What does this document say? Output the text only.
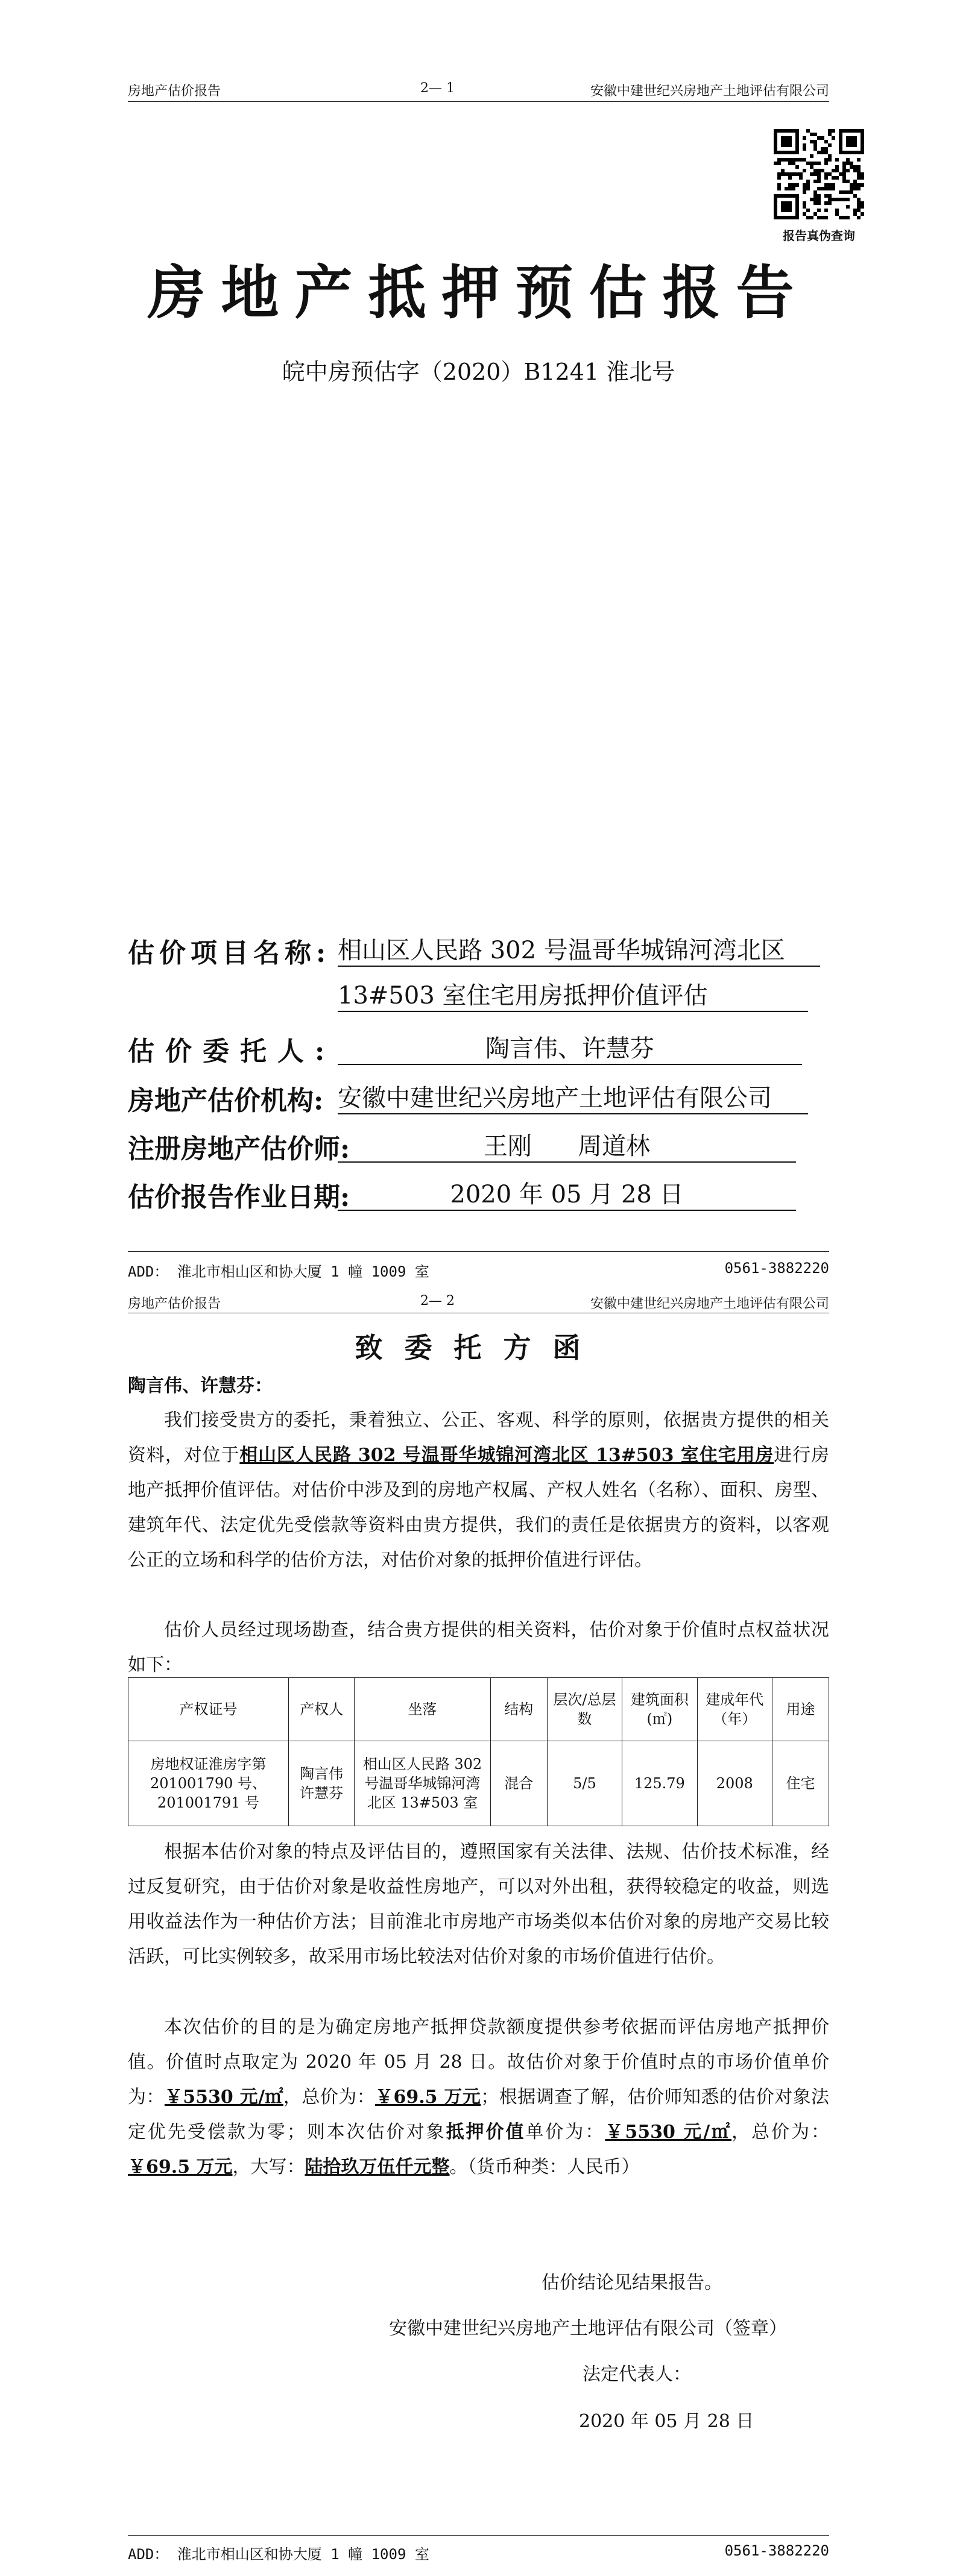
房地产估价报告	2— 1	安徽中建世纪兴房地产土地评估有限公司
报告真伪查询
房地产抵押预估报告
皖中房预估字（2020）B1241 淮北号
估价项目名称: 相山区人民路 302 号温哥华城锦河湾北区
13#503 室住宅用房抵押价值评估
估价委托人:	陶言伟、许慧芬
房地产估价机构: 安徽中建世纪兴房地产土地评估有限公司
注册房地产估价师:	王刚      周道林
估价报告作业日期:	2020 年 05 月 28 日
ADD： 淮北市相山区和协大厦 1 幢 1009 室	0561-3882220
房地产估价报告	2— 2	安徽中建世纪兴房地产土地评估有限公司
致委托方函
陶言伟、许慧芬：
我们接受贵方的委托，秉着独立、公正、客观、科学的原则，依据贵方提供的相关资料，对位于相山区人民路 302 号温哥华城锦河湾北区 13#503 室住宅用房进行房地产抵押价值评估。对估价中涉及到的房地产权属、产权人姓名（名称）、面积、房型、建筑年代、法定优先受偿款等资料由贵方提供，我们的责任是依据贵方的资料，以客观公正的立场和科学的估价方法，对估价对象的抵押价值进行评估。
估价人员经过现场勘查，结合贵方提供的相关资料，估价对象于价值时点权益状况如下：
产权证号	产权人	坐落	结构	层次/总层数	建筑面积(㎡)	建成年代（年）	用途
房地权证淮房字第 201001790 号、201001791 号	陶言伟 许慧芬	相山区人民路 302 号温哥华城锦河湾北区 13#503 室	混合	5/5	125.79	2008	住宅
根据本估价对象的特点及评估目的，遵照国家有关法律、法规、估价技术标准，经过反复研究，由于估价对象是收益性房地产，可以对外出租，获得较稳定的收益，则选用收益法作为一种估价方法；目前淮北市房地产市场类似本估价对象的房地产交易比较活跃，可比实例较多，故采用市场比较法对估价对象的市场价值进行估价。
本次估价的目的是为确定房地产抵押贷款额度提供参考依据而评估房地产抵押价值。价值时点取定为 2020 年 05 月 28 日。故估价对象于价值时点的市场价值单价为：￥5530 元/㎡，总价为：￥69.5 万元；根据调查了解，估价师知悉的估价对象法定优先受偿款为零；则本次估价对象抵押价值单价为：￥5530 元/㎡，总价为：￥69.5 万元，大写：陆拾玖万伍仟元整。（货币种类：人民币）
估价结论见结果报告。
安徽中建世纪兴房地产土地评估有限公司（签章）
法定代表人：
2020 年 05 月 28 日
ADD： 淮北市相山区和协大厦 1 幢 1009 室	0561-3882220
